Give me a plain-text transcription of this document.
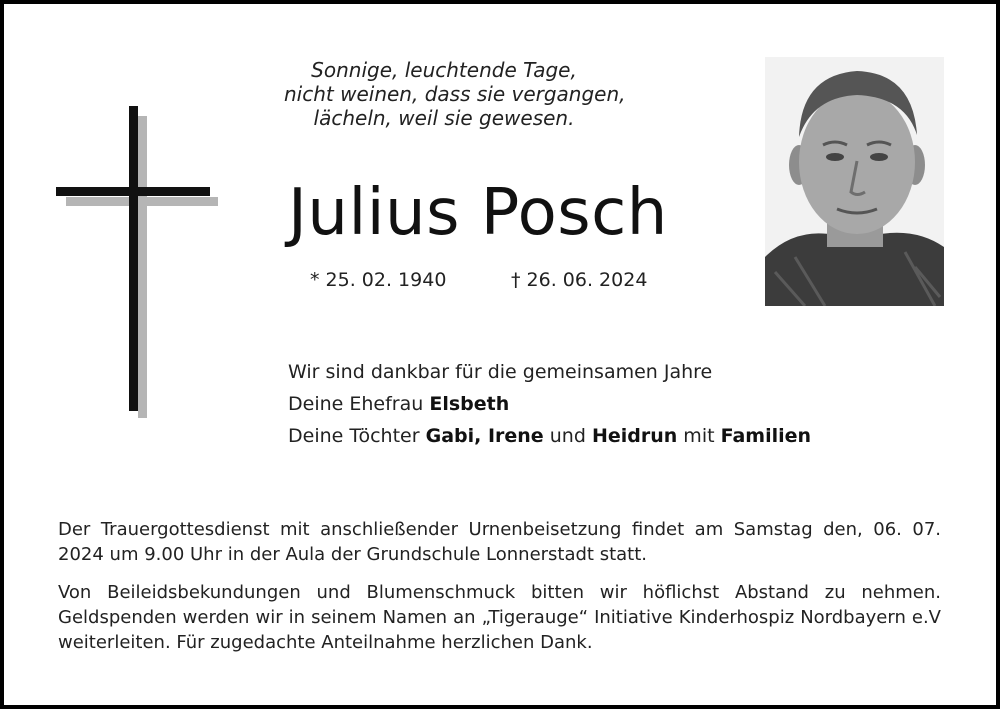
Sonnige, leuchtende Tage,
nicht weinen, dass sie vergangen,
lächeln, weil sie gewesen.
Julius Posch
* 25. 02. 1940	† 26. 06. 2024
Wir sind dankbar für die gemeinsamen Jahre
Deine Ehefrau Elsbeth
Deine Töchter Gabi, Irene und Heidrun mit Familien

Der Trauergottesdienst mit anschließender Urnenbeisetzung findet am Samstag den, 06. 07. 2024 um 9.00 Uhr in der Aula der Grundschule Lonnerstadt statt.

Von Beileidsbekundungen und Blumenschmuck bitten wir höflichst Abstand zu nehmen. Geldspenden werden wir in seinem Namen an „Tigerauge“ Initiative Kinderhospiz Nordbayern e.V weiterleiten. Für zugedachte Anteilnahme herzlichen Dank.
